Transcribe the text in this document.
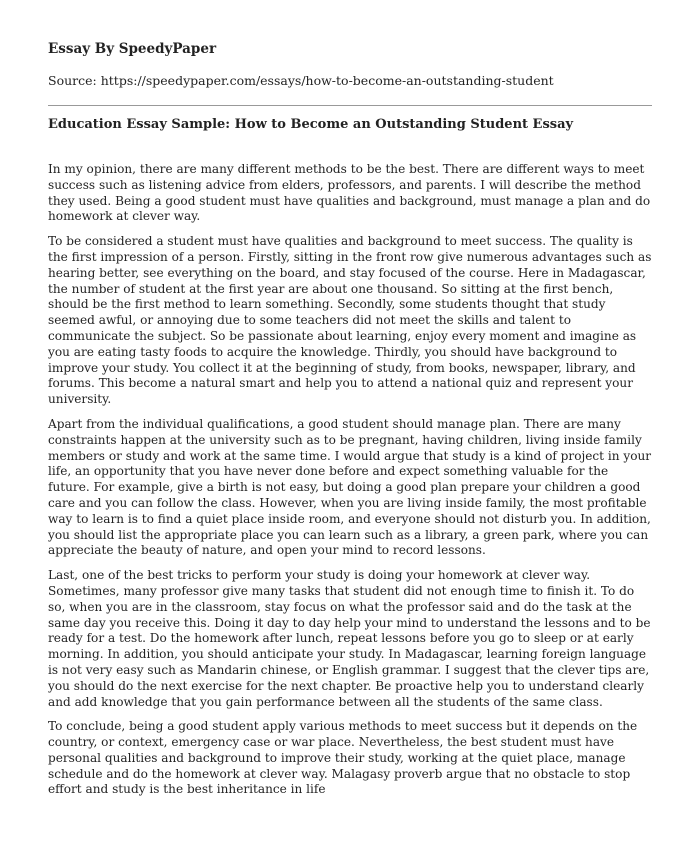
Essay By SpeedyPaper
Source: https://speedypaper.com/essays/how-to-become-an-outstanding-student
Education Essay Sample: How to Become an Outstanding Student Essay

In my opinion, there are many different methods to be the best. There are different ways to meet success such as listening advice from elders, professors, and parents. I will describe the method they used. Being a good student must have qualities and background, must manage a plan and do homework at clever way.

To be considered a student must have qualities and background to meet success. The quality is the first impression of a person. Firstly, sitting in the front row give numerous advantages such as hearing better, see everything on the board, and stay focused of the course. Here in Madagascar, the number of student at the first year are about one thousand. So sitting at the first bench, should be the first method to learn something. Secondly, some students thought that study seemed awful, or annoying due to some teachers did not meet the skills and talent to communicate the subject. So be passionate about learning, enjoy every moment and imagine as you are eating tasty foods to acquire the knowledge. Thirdly, you should have background to improve your study. You collect it at the beginning of study, from books, newspaper, library, and forums. This become a natural smart and help you to attend a national quiz and represent your university.

Apart from the individual qualifications, a good student should manage plan. There are many constraints happen at the university such as to be pregnant, having children, living inside family members or study and work at the same time. I would argue that study is a kind of project in your life, an opportunity that you have never done before and expect something valuable for the future. For example, give a birth is not easy, but doing a good plan prepare your children a good care and you can follow the class. However, when you are living inside family, the most profitable way to learn is to find a quiet place inside room, and everyone should not disturb you. In addition, you should list the appropriate place you can learn such as a library, a green park, where you can appreciate the beauty of nature, and open your mind to record lessons.

Last, one of the best tricks to perform your study is doing your homework at clever way. Sometimes, many professor give many tasks that student did not enough time to finish it. To do so, when you are in the classroom, stay focus on what the professor said and do the task at the same day you receive this. Doing it day to day help your mind to understand the lessons and to be ready for a test. Do the homework after lunch, repeat lessons before you go to sleep or at early morning. In addition, you should anticipate your study. In Madagascar, learning foreign language is not very easy such as Mandarin chinese, or English grammar. I suggest that the clever tips are, you should do the next exercise for the next chapter. Be proactive help you to understand clearly and add knowledge that you gain performance between all the students of the same class.

To conclude, being a good student apply various methods to meet success but it depends on the country, or context, emergency case or war place. Nevertheless, the best student must have personal qualities and background to improve their study, working at the quiet place, manage schedule and do the homework at clever way. Malagasy proverb argue that no obstacle to stop effort and study is the best inheritance in life
